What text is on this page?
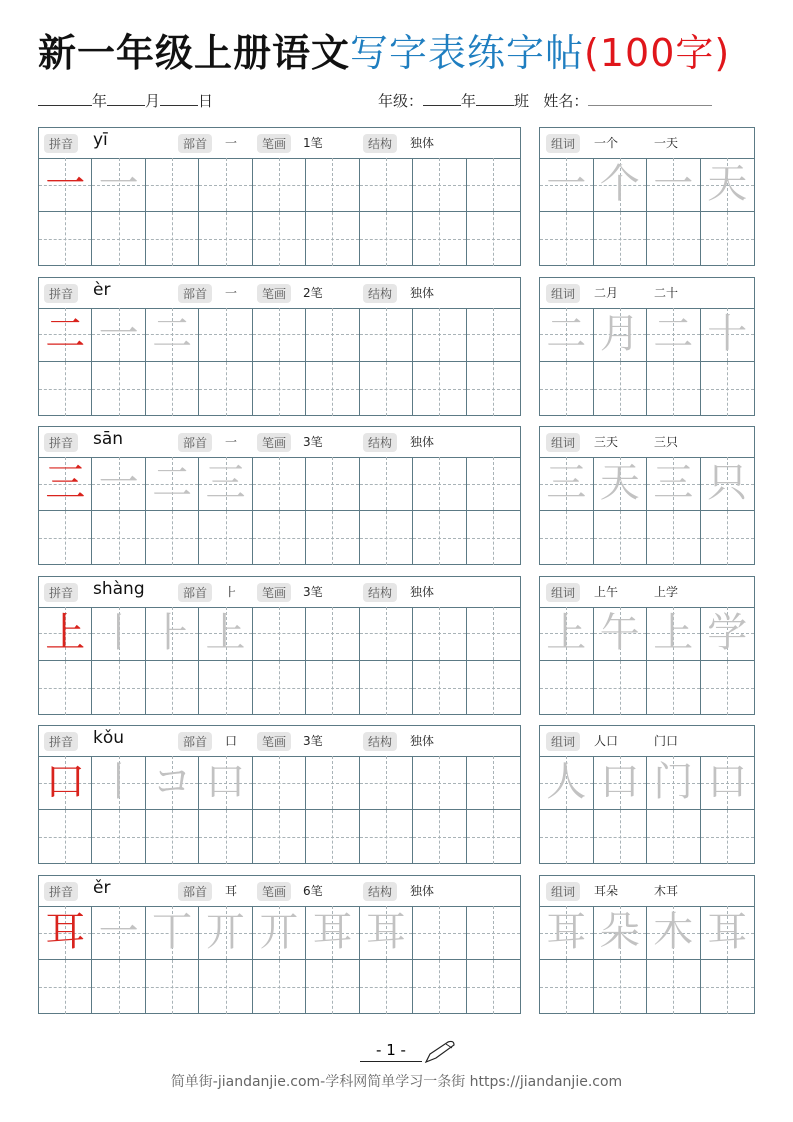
新一年级上册语文写字表练字帖(100字)
年	月	日	年级：	年	班 姓名：
拼音 yī	部首	一	笔画	1笔	结构	独体
一 一
组词	一个	一天
一 个 一 天
拼音 èr	部首	一	笔画	2笔	结构	独体
二 一 二
组词	二月	二十
二 月 二 十
拼音 sān	部首	一	笔画	3笔	结构	独体
三 一 二 三
组词	三天	三只
三 天 三 只
拼音 shàng	部首	⺊	笔画	3笔	结构	独体
上 丨 ⺊ 上
组词	上午	上学
上 午 上 学
拼音 kǒu	部首	口	笔画	3笔	结构	独体
口 丨 コ 口
组词	人口	门口
人 口 门 口
拼音 ěr	部首	耳	笔画	6笔	结构	独体
耳 一 丅 丌 丌 耳 耳
组词	耳朵	木耳
耳 朵 木 耳
- 1 -
简单街-jiandanjie.com-学科网简单学习一条街 https://jiandanjie.com
